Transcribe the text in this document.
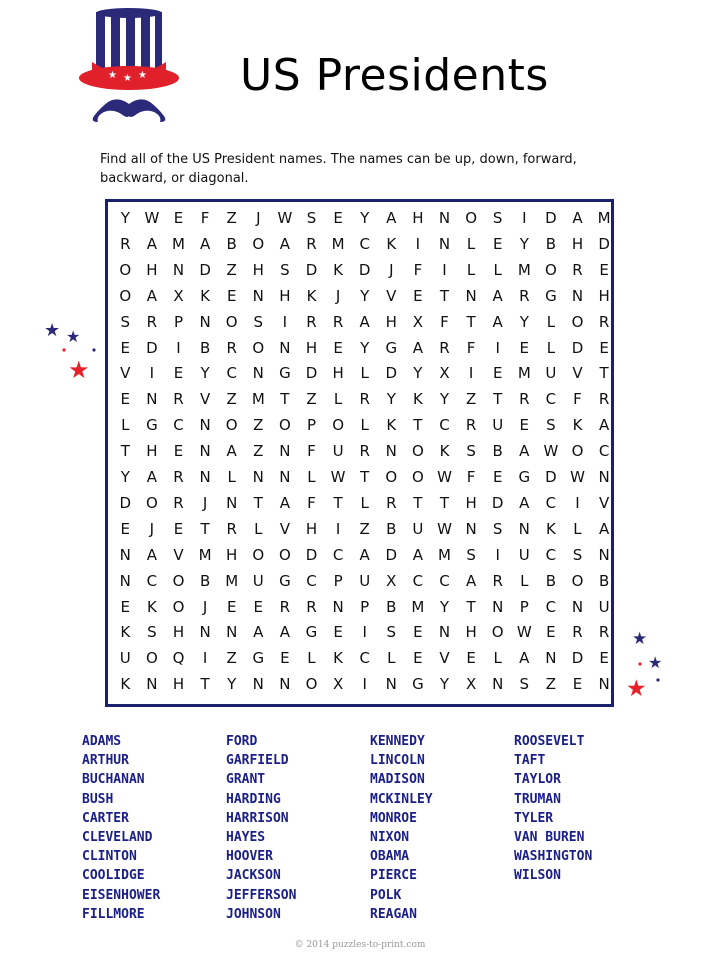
★ ★ ★ US Presidents
Find all of the US President names. The names can be up, down, forward, backward, or diagonal.
Y W E	F	Z	J	W S	E	Y	A	H	N	O	S	I	D	A	M
R	A M	A	B	O	A	R M C	K	I	N	L	E	Y	B	H	D
O	H	N	D	Z	H	S	D	K	D	J	F	I	L	L	M O	R	E
O	A	X	K	E	N	H	K	J	Y	V	E	T	N	A	R	G	N	H
S	R	P	N	O	S	I	R	R	A	H	X	F	T	A	Y	L	O	R
E	D	I	B	R	O	N	H	E	Y	G	A	R	F	I	E	L	D	E
V	I	E	Y	C	N	G	D	H	L	D	Y	X	I	E	M U	V	T
E	N	R	V	Z M	T	Z	L	R	Y	K	Y	Z	T	R	C	F	R
L	G	C	N	O	Z	O	P	O	L	K	T	C	R	U	E	S	K	A
T	H	E	N	A	Z	N	F	U	R	N	O	K	S	B	A W O	C
Y	A	R	N	L	N	N	L	W T	O O W F	E	G	D W N
D O	R	J	N	T	A	F	T	L	R	T	T	H	D	A	C	I	V
E	J	E	T	R	L	V	H	I	Z	B	U W N	S	N	K	L	A
N	A	V	M H	O O D	C	A	D	A M	S	I	U	C	S	N
N	C	O	B M U	G	C	P	U	X	C	C	A	R	L	B	O	B
E	K	O	J	E	E	R	R	N	P	B M	Y	T	N	P	C	N	U
K	S	H	N	N	A	A	G	E	I	S	E	N	H	O W E	R	R
U	O Q	I	Z	G	E	L	K	C	L	E	V	E	L	A	N	D	E
K	N	H	T	Y	N	N	O	X	I	N	G	Y	X	N	S	Z	E	N
★ ★
★
★
★
★
ADAMS
ARTHUR
BUCHANAN
BUSH
CARTER
CLEVELAND
CLINTON
COOLIDGE
EISENHOWER
FILLMORE
FORD
GARFIELD
GRANT
HARDING
HARRISON
HAYES
HOOVER
JACKSON
JEFFERSON
JOHNSON
KENNEDY
LINCOLN
MADISON
MCKINLEY
MONROE
NIXON
OBAMA
PIERCE
POLK
REAGAN
ROOSEVELT
TAFT
TAYLOR
TRUMAN
TYLER
VAN BUREN
WASHINGTON
WILSON
© 2014 puzzles-to-print.com
